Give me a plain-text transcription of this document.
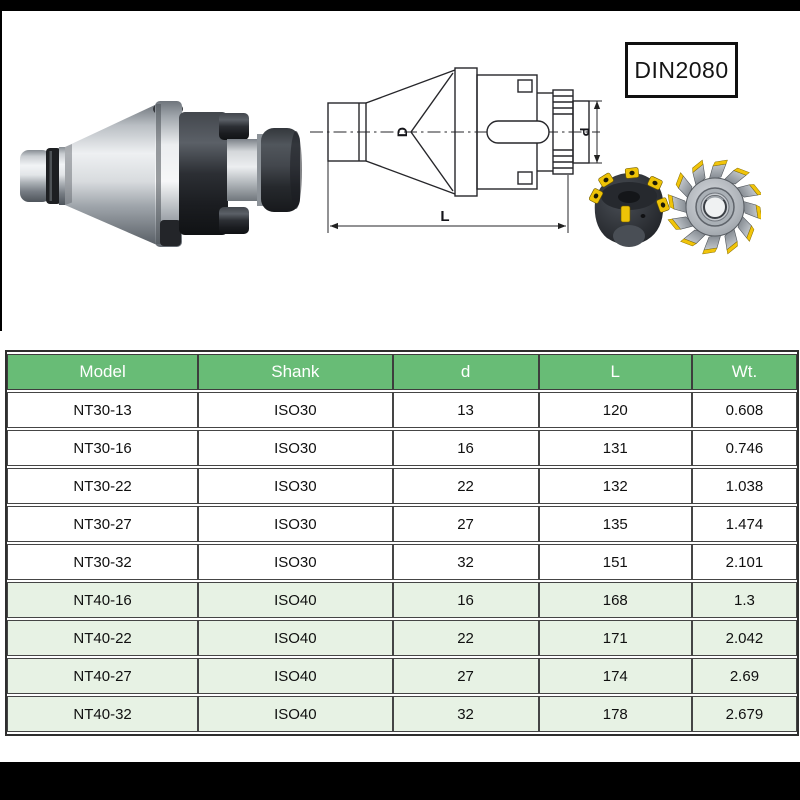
D	P
L
DIN2080
Model	Shank	d	L	Wt.
NT30-13	ISO30	13	120	0.608
NT30-16	ISO30	16	131	0.746
NT30-22	ISO30	22	132	1.038
NT30-27	ISO30	27	135	1.474
NT30-32	ISO30	32	151	2.101
NT40-16	ISO40	16	168	1.3
NT40-22	ISO40	22	171	2.042
NT40-27	ISO40	27	174	2.69
NT40-32	ISO40	32	178	2.679
